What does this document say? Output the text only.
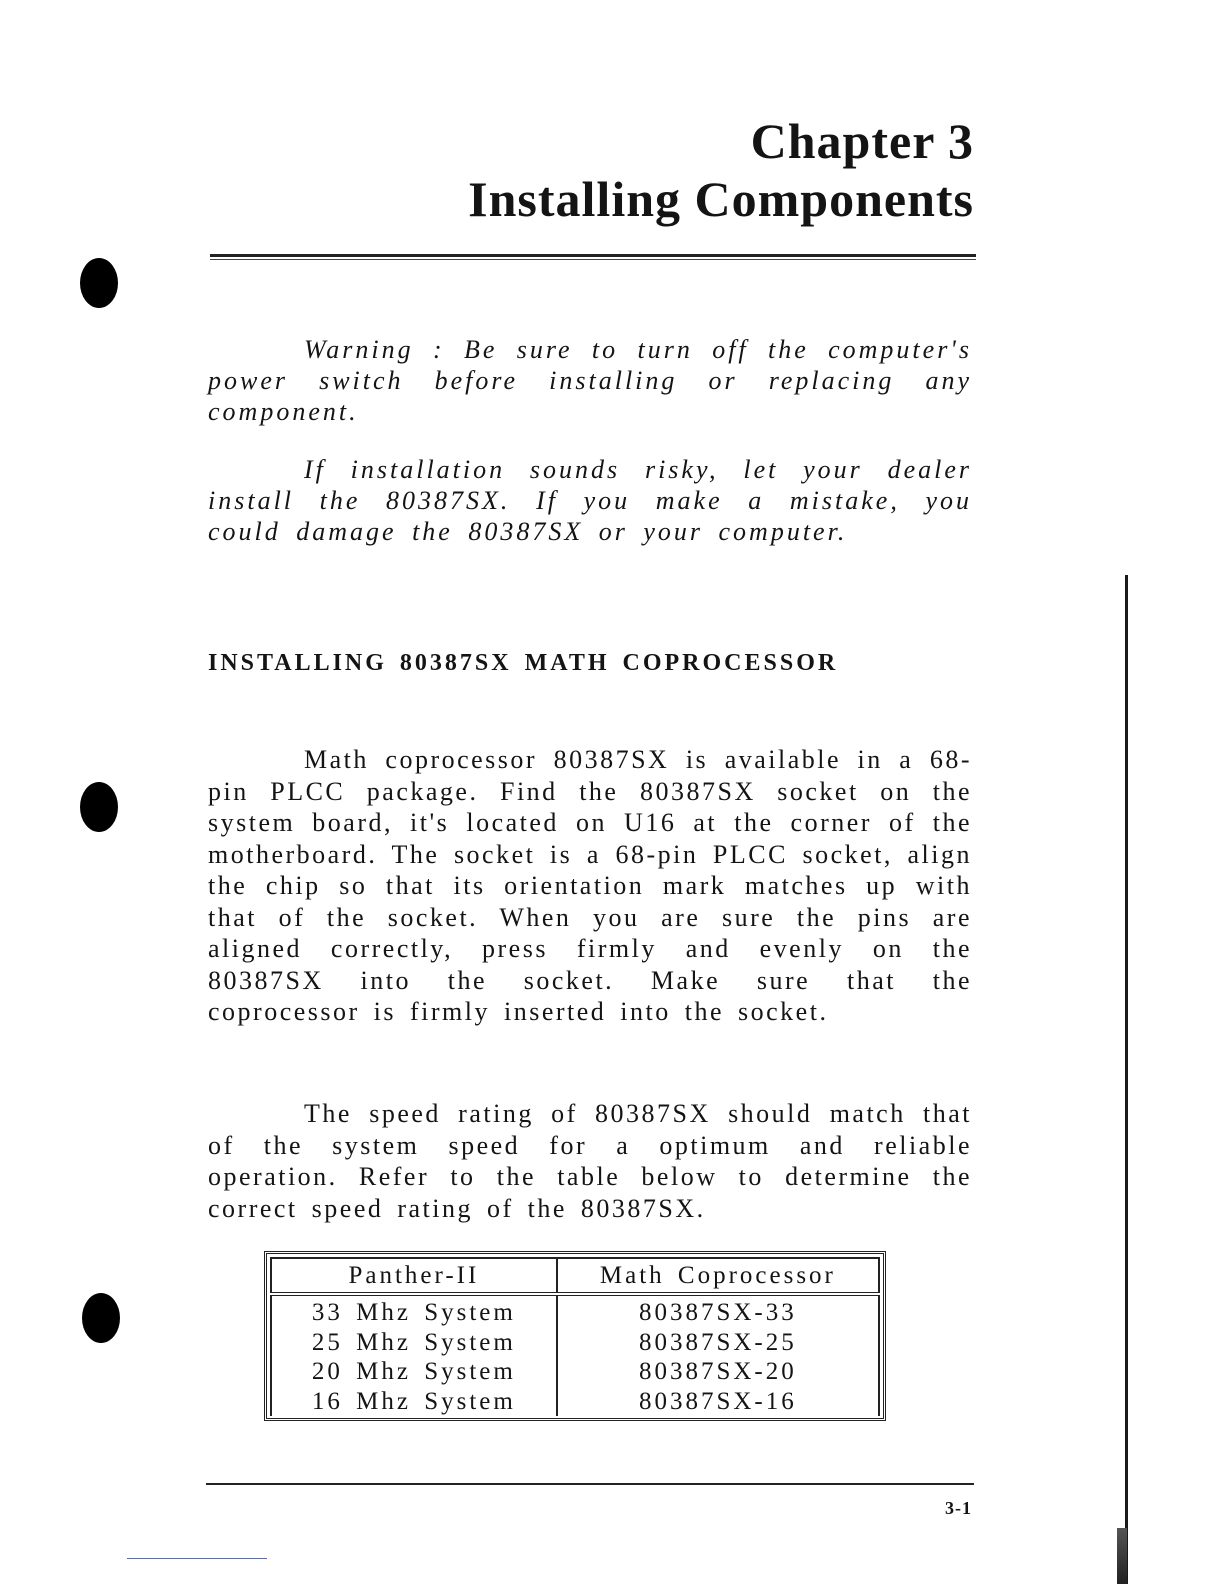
Chapter 3
Installing Components

Warning : Be sure to turn off the computer's power switch before installing or replacing any component.

If installation sounds risky, let your dealer install the 80387SX. If you make a mistake, you could damage the 80387SX or your computer.

INSTALLING 80387SX MATH COPROCESSOR

Math coprocessor 80387SX is available in a 68-pin PLCC package. Find the 80387SX socket on the system board, it's located on U16 at the corner of the motherboard. The socket is a 68-pin PLCC socket, align the chip so that its orientation mark matches up with that of the socket. When you are sure the pins are aligned correctly, press firmly and evenly on the 80387SX into the socket. Make sure that the coprocessor is firmly inserted into the socket.

The speed rating of 80387SX should match that of the system speed for a optimum and reliable operation. Refer to the table below to determine the correct speed rating of the 80387SX.

Panther-II	Math Coprocessor
33 Mhz System	80387SX-33
25 Mhz System	80387SX-25
20 Mhz System	80387SX-20
16 Mhz System	80387SX-16
3-1
